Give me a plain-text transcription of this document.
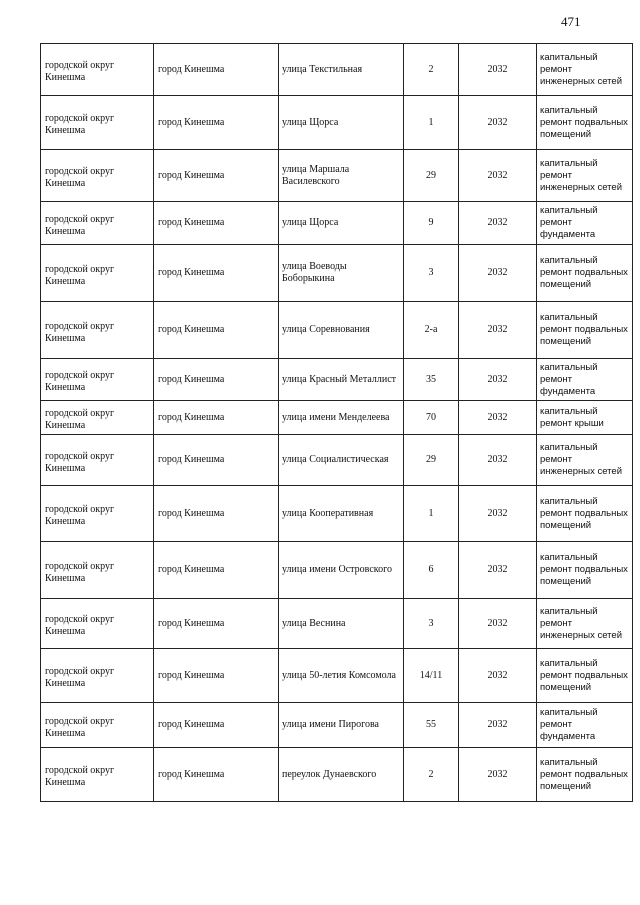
471
городской округ Кинешма	город Кинешма	улица Текстильная	2	2032	капитальный ремонт инженерных сетей
городской округ Кинешма	город Кинешма	улица Щорса	1	2032	капитальный ремонт подвальных помещений
городской округ Кинешма	город Кинешма	улица Маршала Василевского	29	2032	капитальный ремонт инженерных сетей
городской округ Кинешма	город Кинешма	улица Щорса	9	2032	капитальный ремонт фундамента
городской округ Кинешма	город Кинешма	улица Воеводы Боборыкина	3	2032	капитальный ремонт подвальных помещений
городской округ Кинешма	город Кинешма	улица Соревнования	2-а	2032	капитальный ремонт подвальных помещений
городской округ Кинешма	город Кинешма	улица Красный Металлист	35	2032	капитальный ремонт фундамента
городской округ Кинешма	город Кинешма	улица имени Менделеева	70	2032	капитальный ремонт крыши
городской округ Кинешма	город Кинешма	улица Социалистическая	29	2032	капитальный ремонт инженерных сетей
городской округ Кинешма	город Кинешма	улица Кооперативная	1	2032	капитальный ремонт подвальных помещений
городской округ Кинешма	город Кинешма	улица имени Островского	6	2032	капитальный ремонт подвальных помещений
городской округ Кинешма	город Кинешма	улица Веснина	3	2032	капитальный ремонт инженерных сетей
городской округ Кинешма	город Кинешма	улица 50-летия Комсомола	14/11	2032	капитальный ремонт подвальных помещений
городской округ Кинешма	город Кинешма	улица имени Пирогова	55	2032	капитальный ремонт фундамента
городской округ Кинешма	город Кинешма	переулок Дунаевского	2	2032	капитальный ремонт подвальных помещений
